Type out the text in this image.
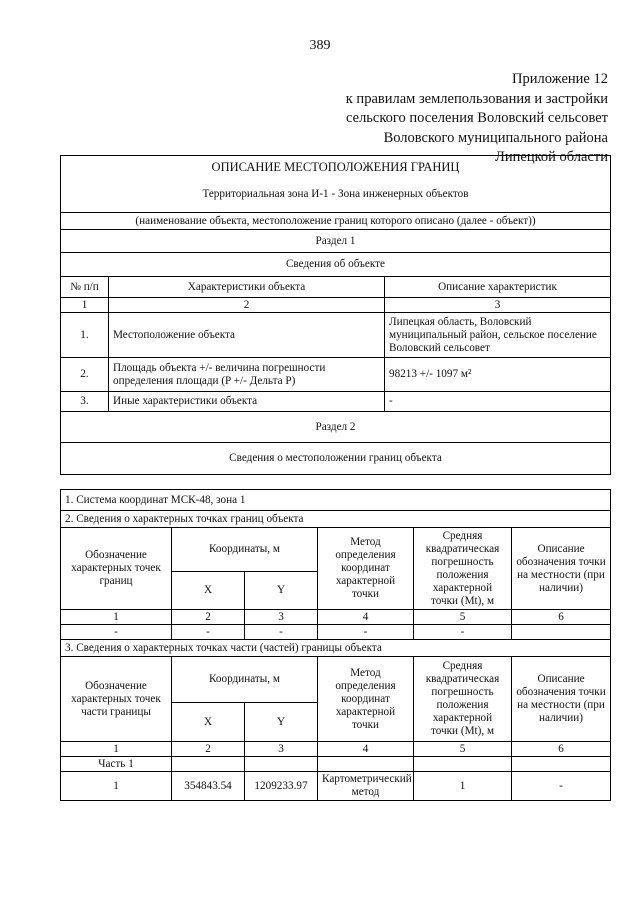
389
Приложение 12
к правилам землепользования и застройки
сельского поселения Воловский сельсовет
Воловского муниципального района
Липецкой области
ОПИСАНИЕ МЕСТОПОЛОЖЕНИЯ ГРАНИЦ
Территориальная зона И-1 - Зона инженерных объектов		

(наименование объекта, местоположение границ которого описано (далее - объект))		
Раздел 1		
Сведения об объекте		
№ п/п	Характеристики объекта	Описание характеристик
1	2	3
1.	Местоположение объекта	Липецкая область, Воловский муниципальный район, сельское поселение Воловский сельсовет
2.	Площадь объекта +/- величина погрешности определения площади (P +/- Дельта P)	98213 +/- 1097 м²
3.	Иные характеристики объекта	-
Раздел 2		
Сведения о местоположении границ объекта		
1. Система координат МСК-48, зона 1					
2. Сведения о характерных точках границ объекта					
Обозначение характерных точек границ	Координаты, м		Метод определения координат характерной точки	Средняя квадратическая погрешность положения характерной точки (Mt), м	Описание обозначения точки на местности (при наличии)
	X	Y			
1	2	3	4	5	6
-	-	-	-	-	
3. Сведения о характерных точках части (частей) границы объекта					
Обозначение характерных точек части границы	Координаты, м		Метод определения координат характерной точки	Средняя квадратическая погрешность положения характерной точки (Mt), м	Описание обозначения точки на местности (при наличии)
	X	Y			
1	2	3	4	5	6
Часть 1					
1	354843.54	1209233.97	Картометрический метод	1	-
